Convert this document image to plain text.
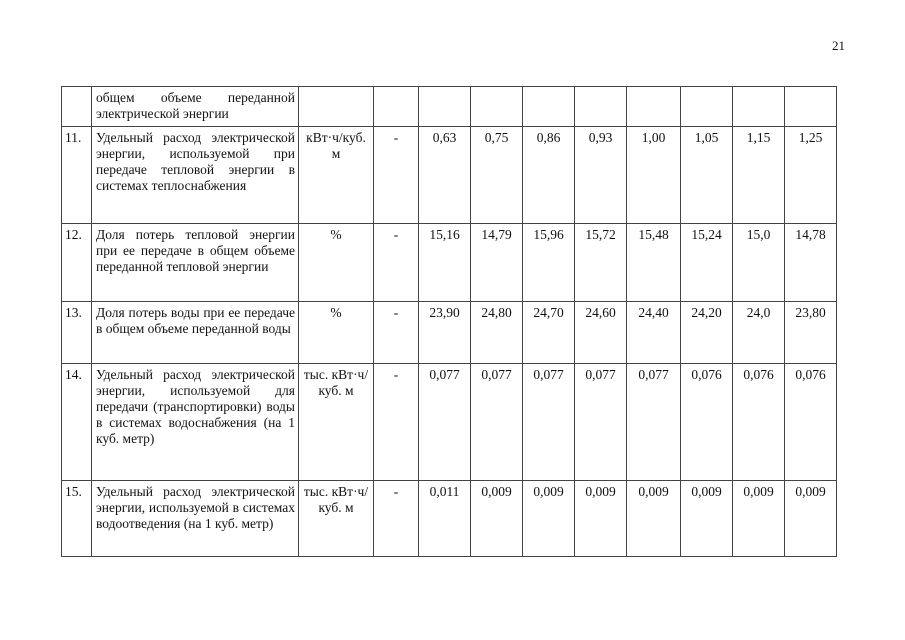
21
	общем объеме переданной электрической энергии										
11.	Удельный расход электрической энергии, используемой при передаче тепловой энергии в системах теплоснабжения	кВт·ч/куб. м	-	0,63	0,75	0,86	0,93	1,00	1,05	1,15	1,25
12.	Доля потерь тепловой энергии при ее передаче в общем объеме переданной тепловой энергии	%	-	15,16	14,79	15,96	15,72	15,48	15,24	15,0	14,78
13.	Доля потерь воды при ее передаче в общем объеме переданной воды	%	-	23,90	24,80	24,70	24,60	24,40	24,20	24,0	23,80
14.	Удельный расход электрической энергии, используемой для передачи (транспортировки) воды в системах водоснабжения (на 1 куб. метр)	тыс. кВт·ч/куб. м	-	0,077	0,077	0,077	0,077	0,077	0,076	0,076	0,076
15.	Удельный расход электрической энергии, используемой в системах водоотведения (на 1 куб. метр)	тыс. кВт·ч/куб. м	-	0,011	0,009	0,009	0,009	0,009	0,009	0,009	0,009
